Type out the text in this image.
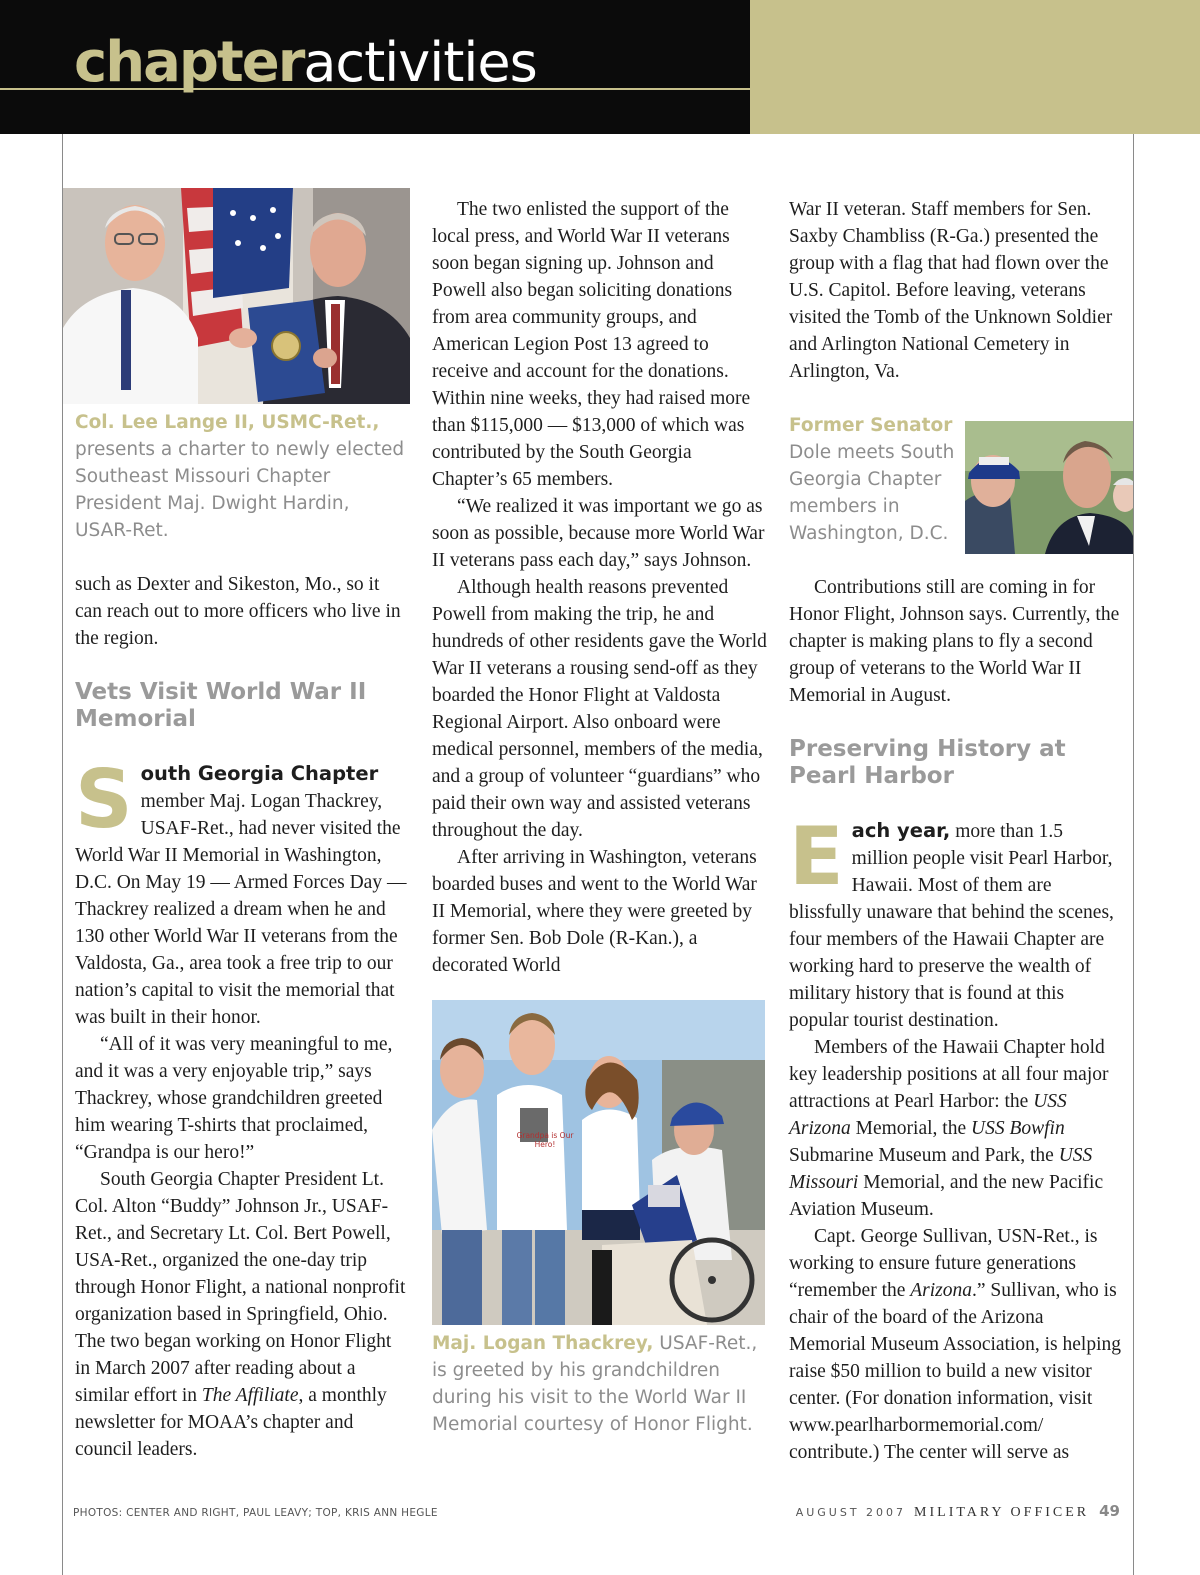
chapteractivities

Col. Lee Lange II, USMC-Ret., presents a charter to newly elected Southeast Missouri Chapter President Maj. Dwight Hardin, USAR-Ret.

such as Dexter and Sikeston, Mo., so it can reach out to more officers who live in the region.

Vets Visit World War II Memorial

South Georgia Chapter member Maj. Logan Thackrey, USAF-Ret., had never visited the World War II Memorial in Washington, D.C. On May 19 — Armed Forces Day — Thackrey realized a dream when he and 130 other World War II veterans from the Valdosta, Ga., area took a free trip to our nation’s capital to visit the memorial that was built in their honor.

“All of it was very meaningful to me, and it was a very enjoyable trip,” says Thackrey, whose grandchildren greeted him wearing T-shirts that proclaimed, “Grandpa is our hero!”

South Georgia Chapter President Lt. Col. Alton “Buddy” Johnson Jr., USAF-Ret., and Secretary Lt. Col. Bert Powell, USA-Ret., organized the one-day trip through Honor Flight, a national nonprofit organization based in Springfield, Ohio. The two began working on Honor Flight in March 2007 after reading about a similar effort in The Affiliate, a monthly newsletter for MOAA’s chapter and council leaders.

The two enlisted the support of the local press, and World War II veterans soon began signing up. Johnson and Powell also began soliciting donations from area community groups, and American Legion Post 13 agreed to receive and account for the donations. Within nine weeks, they had raised more than $115,000 — $13,000 of which was contributed by the South Georgia Chapter’s 65 members.

“We realized it was important we go as soon as possible, because more World War II veterans pass each day,” says Johnson.

Although health reasons prevented Powell from making the trip, he and hundreds of other residents gave the World War II veterans a rousing send-off as they boarded the Honor Flight at Valdosta Regional Airport. Also onboard were medical personnel, members of the media, and a group of volunteer “guardians” who paid their own way and assisted veterans throughout the day.

After arriving in Washington, veterans boarded buses and went to the World War II Memorial, where they were greeted by former Sen. Bob Dole (R-Kan.), a decorated World

Maj. Logan Thackrey, USAF-Ret., is greeted by his grandchildren during his visit to the World War II Memorial courtesy of Honor Flight.

Grandpa is Our Hero!

War II veteran. Staff members for Sen. Saxby Chambliss (R-Ga.) presented the group with a flag that had flown over the U.S. Capitol. Before leaving, veterans visited the Tomb of the Unknown Soldier and Arlington National Cemetery in Arlington, Va.

Former Senator Dole meets South Georgia Chapter members in Washington, D.C.

Contributions still are coming in for Honor Flight, Johnson says. Currently, the chapter is making plans to fly a second group of veterans to the World War II Memorial in August.

Preserving History at Pearl Harbor

Each year, more than 1.5 million people visit Pearl Harbor, Hawaii. Most of them are blissfully unaware that behind the scenes, four members of the Hawaii Chapter are working hard to preserve the wealth of military history that is found at this popular tourist destination.

Members of the Hawaii Chapter hold key leadership positions at all four major attractions at Pearl Harbor: the USS Arizona Memorial, the USS Bowfin Submarine Museum and Park, the USS Missouri Memorial, and the new Pacific Aviation Museum.

Capt. George Sullivan, USN-Ret., is working to ensure future generations “remember the Arizona.” Sullivan, who is chair of the board of the Arizona Memorial Museum Association, is helping raise $50 million to build a new visitor center. (For donation information, visit www.pearlharbormemorial.com/ contribute.) The center will serve as

PHOTOS: CENTER AND RIGHT, PAUL LEAVY; TOP, KRIS ANN HEGLE	AUGUST 2007 MILITARY OFFICER 49
